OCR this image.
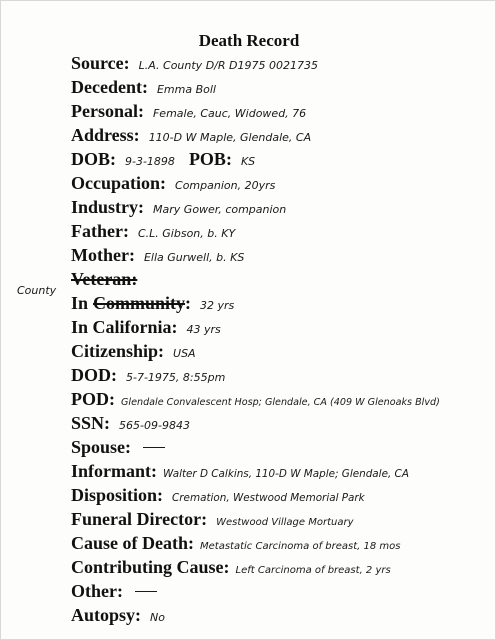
Death Record
County
Source: L.A. County D/R D1975 0021735
Decedent: Emma Boll
Personal: Female, Cauc, Widowed, 76
Address: 110-D W Maple, Glendale, CA
DOB: 9-3-1898 POB: KS
Occupation: Companion, 20yrs
Industry: Mary Gower, companion
Father: C.L. Gibson, b. KY
Mother: Ella Gurwell, b. KS
Veteran:
In Community : 32 yrs
In California: 43 yrs
Citizenship: USA
DOD: 5-7-1975, 8:55pm
POD: Glendale Convalescent Hosp; Glendale, CA (409 W Glenoaks Blvd)
SSN: 565-09-9843
Spouse:
Informant: Walter D Calkins, 110-D W Maple; Glendale, CA
Disposition: Cremation, Westwood Memorial Park
Funeral Director: Westwood Village Mortuary
Cause of Death: Metastatic Carcinoma of breast, 18 mos
Contributing Cause: Left Carcinoma of breast, 2 yrs
Other:
Autopsy: No
